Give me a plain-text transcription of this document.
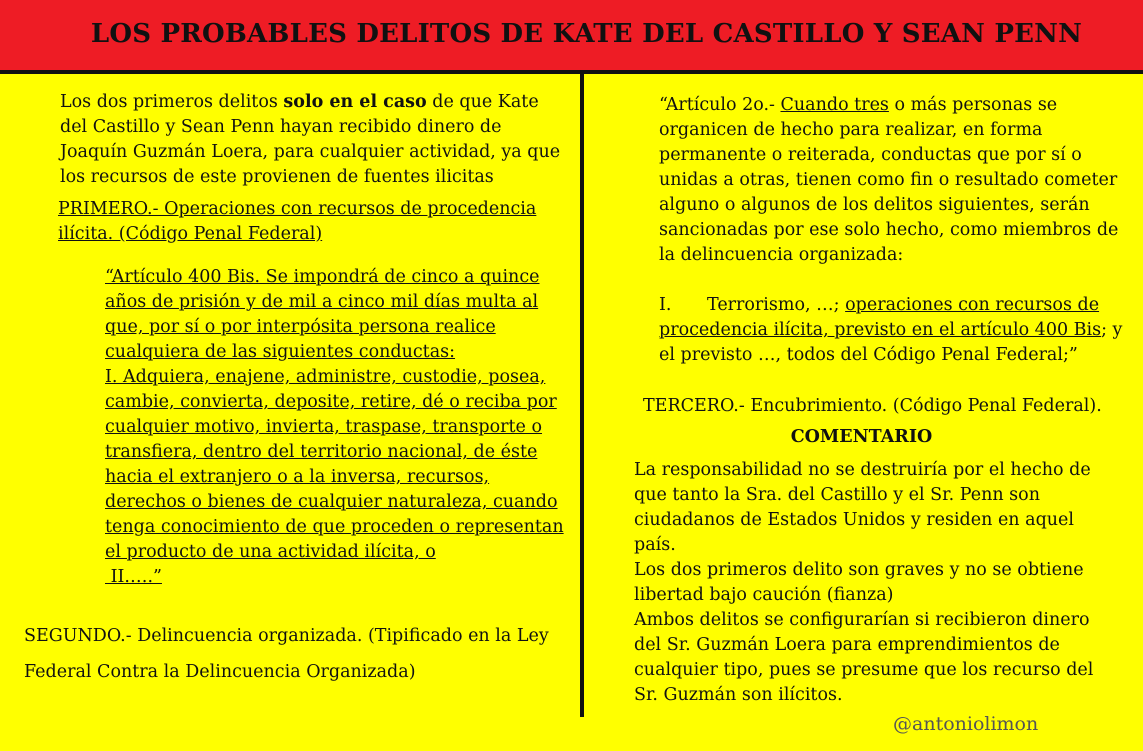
LOS PROBABLES DELITOS DE KATE DEL CASTILLO Y SEAN PENN
Los dos primeros delitos solo en el caso de que Kate
del Castillo y Sean Penn hayan recibido dinero de
Joaquín Guzmán Loera, para cualquier actividad, ya que
los recursos de este provienen de fuentes ilicitas
PRIMERO.- Operaciones con recursos de procedencia
ilícita. (Código Penal Federal)
“Artículo 400 Bis. Se impondrá de cinco a quince
años de prisión y de mil a cinco mil días multa al
que, por sí o por interpósita persona realice
cualquiera de las siguientes conductas:
I. Adquiera, enajene, administre, custodie, posea,
cambie, convierta, deposite, retire, dé o reciba por
cualquier motivo, invierta, traspase, transporte o
transfiera, dentro del territorio nacional, de éste
hacia el extranjero o a la inversa, recursos,
derechos o bienes de cualquier naturaleza, cuando
tenga conocimiento de que proceden o representan
el producto de una actividad ilícita, o
II.….”
SEGUNDO.- Delincuencia organizada. (Tipificado en la Ley
Federal Contra la Delincuencia Organizada)
“Artículo 2o.- Cuando tres o más personas se
organicen de hecho para realizar, en forma
permanente o reiterada, conductas que por sí o
unidas a otras, tienen como fin o resultado cometer
alguno o algunos de los delitos siguientes, serán
sancionadas por ese solo hecho, como miembros de
la delincuencia organizada:
I. Terrorismo, …; operaciones con recursos de
procedencia ilícita, previsto en el artículo 400 Bis; y
el previsto …, todos del Código Penal Federal;”
TERCERO.- Encubrimiento. (Código Penal Federal).
COMENTARIO
La responsabilidad no se destruiría por el hecho de
que tanto la Sra. del Castillo y el Sr. Penn son
ciudadanos de Estados Unidos y residen en aquel
país.
Los dos primeros delito son graves y no se obtiene
libertad bajo caución (fianza)
Ambos delitos se configurarían si recibieron dinero
del Sr. Guzmán Loera para emprendimientos de
cualquier tipo, pues se presume que los recurso del
Sr. Guzmán son ilícitos.
@antoniolimon
